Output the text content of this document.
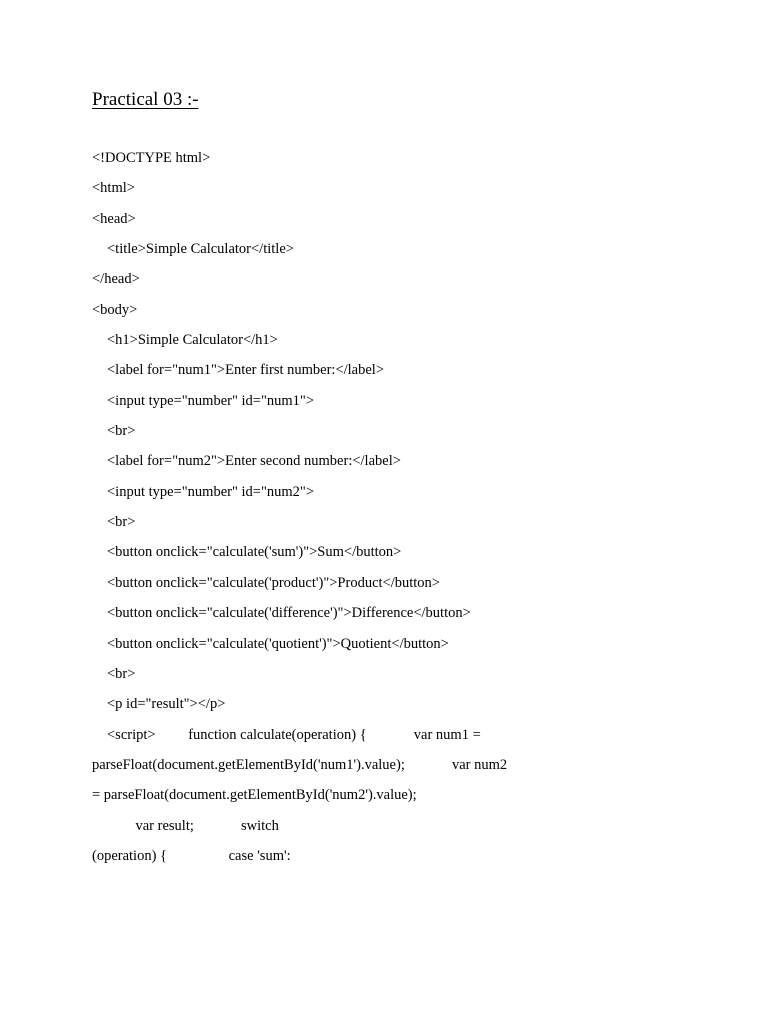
Practical 03 :-
<!DOCTYPE html>
<html>
<head>
<title>Simple Calculator</title>
</head>
<body>
<h1>Simple Calculator</h1>
<label for="num1">Enter first number:</label>
<input type="number" id="num1">
<br>
<label for="num2">Enter second number:</label>
<input type="number" id="num2">
<br>
<button onclick="calculate('sum')">Sum</button>
<button onclick="calculate('product')">Product</button>
<button onclick="calculate('difference')">Difference</button>
<button onclick="calculate('quotient')">Quotient</button>
<br>
<p id="result"></p>
<script>         function calculate(operation) {             var num1 =
parseFloat(document.getElementById('num1').value);             var num2
= parseFloat(document.getElementById('num2').value);
var result;             switch
(operation) {                 case 'sum':
